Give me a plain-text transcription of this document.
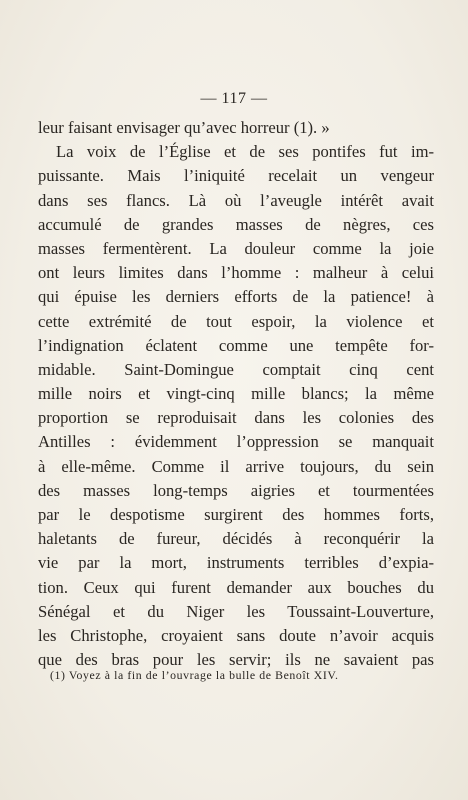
— 117 —
leur faisant envisager qu’avec horreur (1). »
La voix de l’Église et de ses pontifes fut im-
puissante. Mais l’iniquité recelait un vengeur
dans ses flancs. Là où l’aveugle intérêt avait
accumulé de grandes masses de nègres, ces
masses fermentèrent. La douleur comme la joie
ont leurs limites dans l’homme : malheur à celui
qui épuise les derniers efforts de la patience! à
cette extrémité de tout espoir, la violence et
l’indignation éclatent comme une tempête for-
midable. Saint-Domingue comptait cinq cent
mille noirs et vingt-cinq mille blancs; la même
proportion se reproduisait dans les colonies des
Antilles : évidemment l’oppression se manquait
à elle-même. Comme il arrive toujours, du sein
des masses long-temps aigries et tourmentées
par le despotisme surgirent des hommes forts,
haletants de fureur, décidés à reconquérir la
vie par la mort, instruments terribles d’expia-
tion. Ceux qui furent demander aux bouches du
Sénégal et du Niger les Toussaint-Louverture,
les Christophe, croyaient sans doute n’avoir acquis
que des bras pour les servir; ils ne savaient pas
(1) Voyez à la fin de l’ouvrage la bulle de Benoît XIV.
